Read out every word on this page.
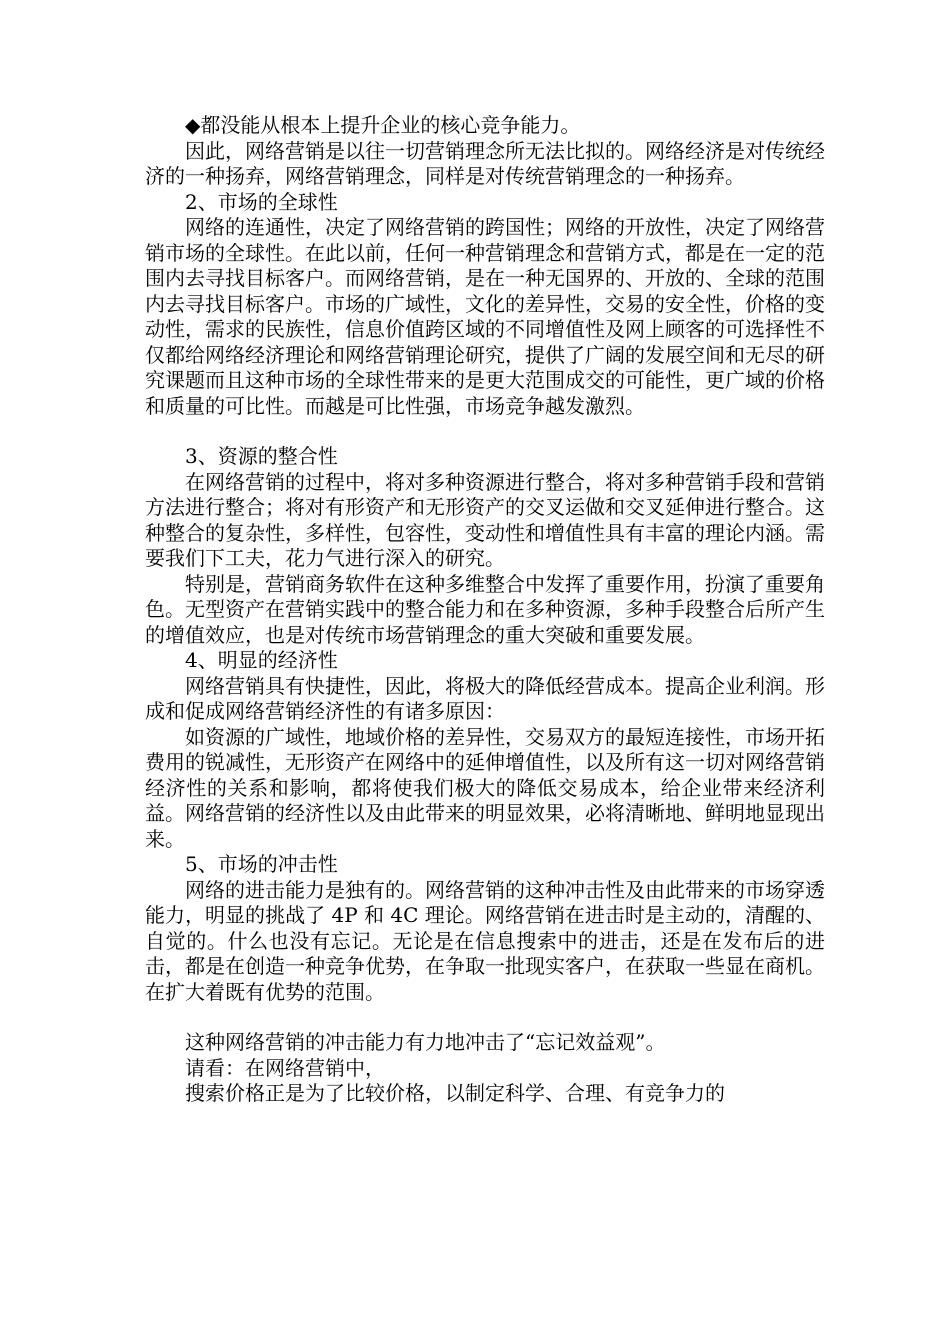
◆都没能从根本上提升企业的核心竞争能力。

因此，网络营销是以往一切营销理念所无法比拟的。网络经济是对传统经济的一种扬弃，网络营销理念，同样是对传统营销理念的一种扬弃。

2、市场的全球性

网络的连通性，决定了网络营销的跨国性；网络的开放性，决定了网络营销市场的全球性。在此以前，任何一种营销理念和营销方式，都是在一定的范围内去寻找目标客户。而网络营销，是在一种无国界的、开放的、全球的范围内去寻找目标客户。市场的广域性，文化的差异性，交易的安全性，价格的变动性，需求的民族性，信息价值跨区域的不同增值性及网上顾客的可选择性不仅都给网络经济理论和网络营销理论研究，提供了广阔的发展空间和无尽的研究课题而且这种市场的全球性带来的是更大范围成交的可能性，更广域的价格和质量的可比性。而越是可比性强，市场竞争越发激烈。

3、资源的整合性

在网络营销的过程中，将对多种资源进行整合，将对多种营销手段和营销方法进行整合；将对有形资产和无形资产的交叉运做和交叉延伸进行整合。这种整合的复杂性，多样性，包容性，变动性和增值性具有丰富的理论内涵。需要我们下工夫，花力气进行深入的研究。

特别是，营销商务软件在这种多维整合中发挥了重要作用，扮演了重要角色。无型资产在营销实践中的整合能力和在多种资源，多种手段整合后所产生的增值效应，也是对传统市场营销理念的重大突破和重要发展。

4、明显的经济性

网络营销具有快捷性，因此，将极大的降低经营成本。提高企业利润。形成和促成网络营销经济性的有诸多原因：

如资源的广域性，地域价格的差异性，交易双方的最短连接性，市场开拓费用的锐减性，无形资产在网络中的延伸增值性，以及所有这一切对网络营销经济性的关系和影响，都将使我们极大的降低交易成本，给企业带来经济利益。网络营销的经济性以及由此带来的明显效果，必将清晰地、鲜明地显现出来。

5、市场的冲击性

网络的进击能力是独有的。网络营销的这种冲击性及由此带来的市场穿透能力，明显的挑战了 4P 和 4C 理论。网络营销在进击时是主动的，清醒的、自觉的。什么也没有忘记。无论是在信息搜索中的进击，还是在发布后的进击，都是在创造一种竞争优势，在争取一批现实客户，在获取一些显在商机。在扩大着既有优势的范围。

这种网络营销的冲击能力有力地冲击了“忘记效益观”。

请看：在网络营销中，

搜索价格正是为了比较价格，以制定科学、合理、有竞争力的
